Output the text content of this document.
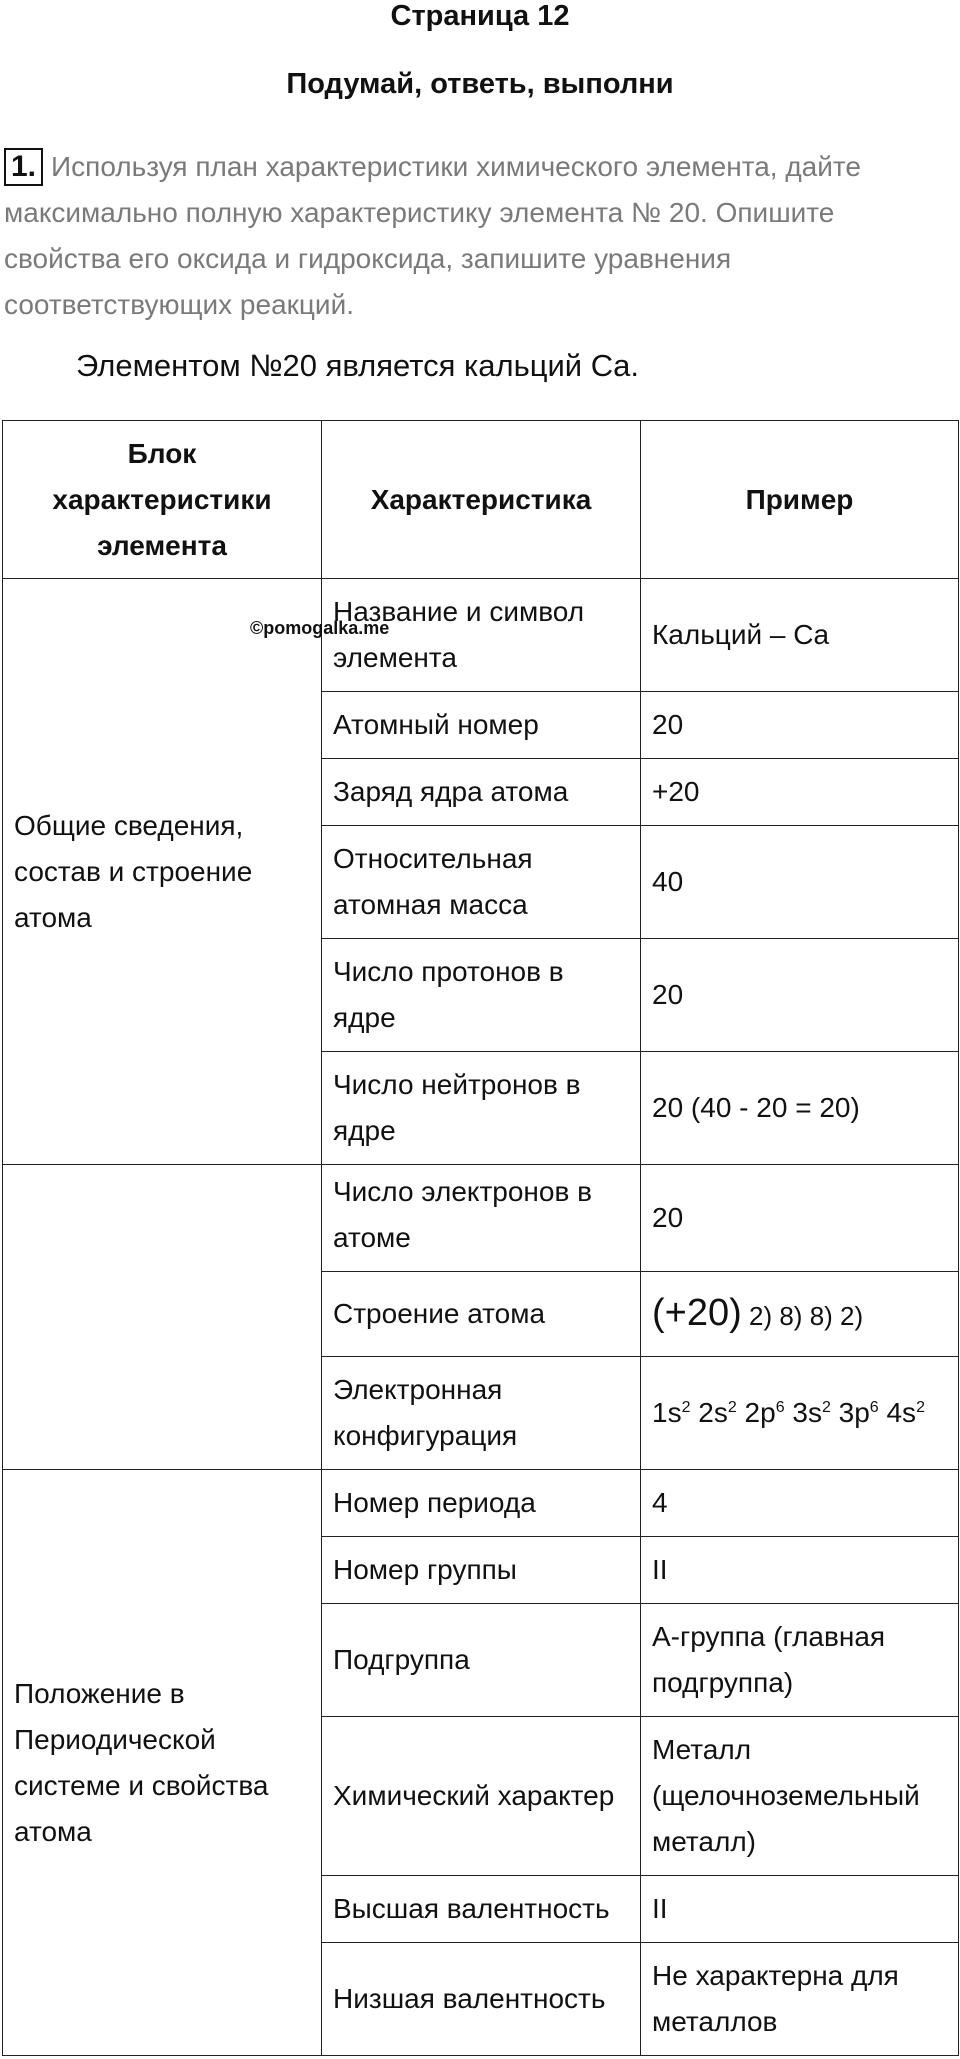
Страница 12
Подумай, ответь, выполни
1. Используя план характеристики химического элемента, дайте максимально полную характеристику элемента № 20. Опишите свойства его оксида и гидроксида, запишите уравнения соответствующих реакций.
Элементом №20 является кальций Ca.
Блок характеристики элемента	Характеристика	Пример
Общие сведения, состав и строение атома	Название и символ элемента	Кальций – Ca
	Атомный номер	20
	Заряд ядра атома	+20
	Относительная атомная масса	40
	Число протонов в ядре	20
	Число нейтронов в ядре	20 (40 - 20 = 20)
	Число электронов в атоме	20
	Строение атома	(+20) 2) 8) 8) 2)
	Электронная конфигурация	$1s^2$ $2s^2$ $2p^6$ $3s^2$ $3p^6$ $4s^2$
Положение в Периодической системе и свойства атома	Номер периода	4
	Номер группы	II
	Подгруппа	А-группа (главная подгруппа)
	Химический характер	Металл (щелочноземельный металл)
	Высшая валентность	II
	Низшая валентность	Не характерна для металлов
©pomogalka.me
